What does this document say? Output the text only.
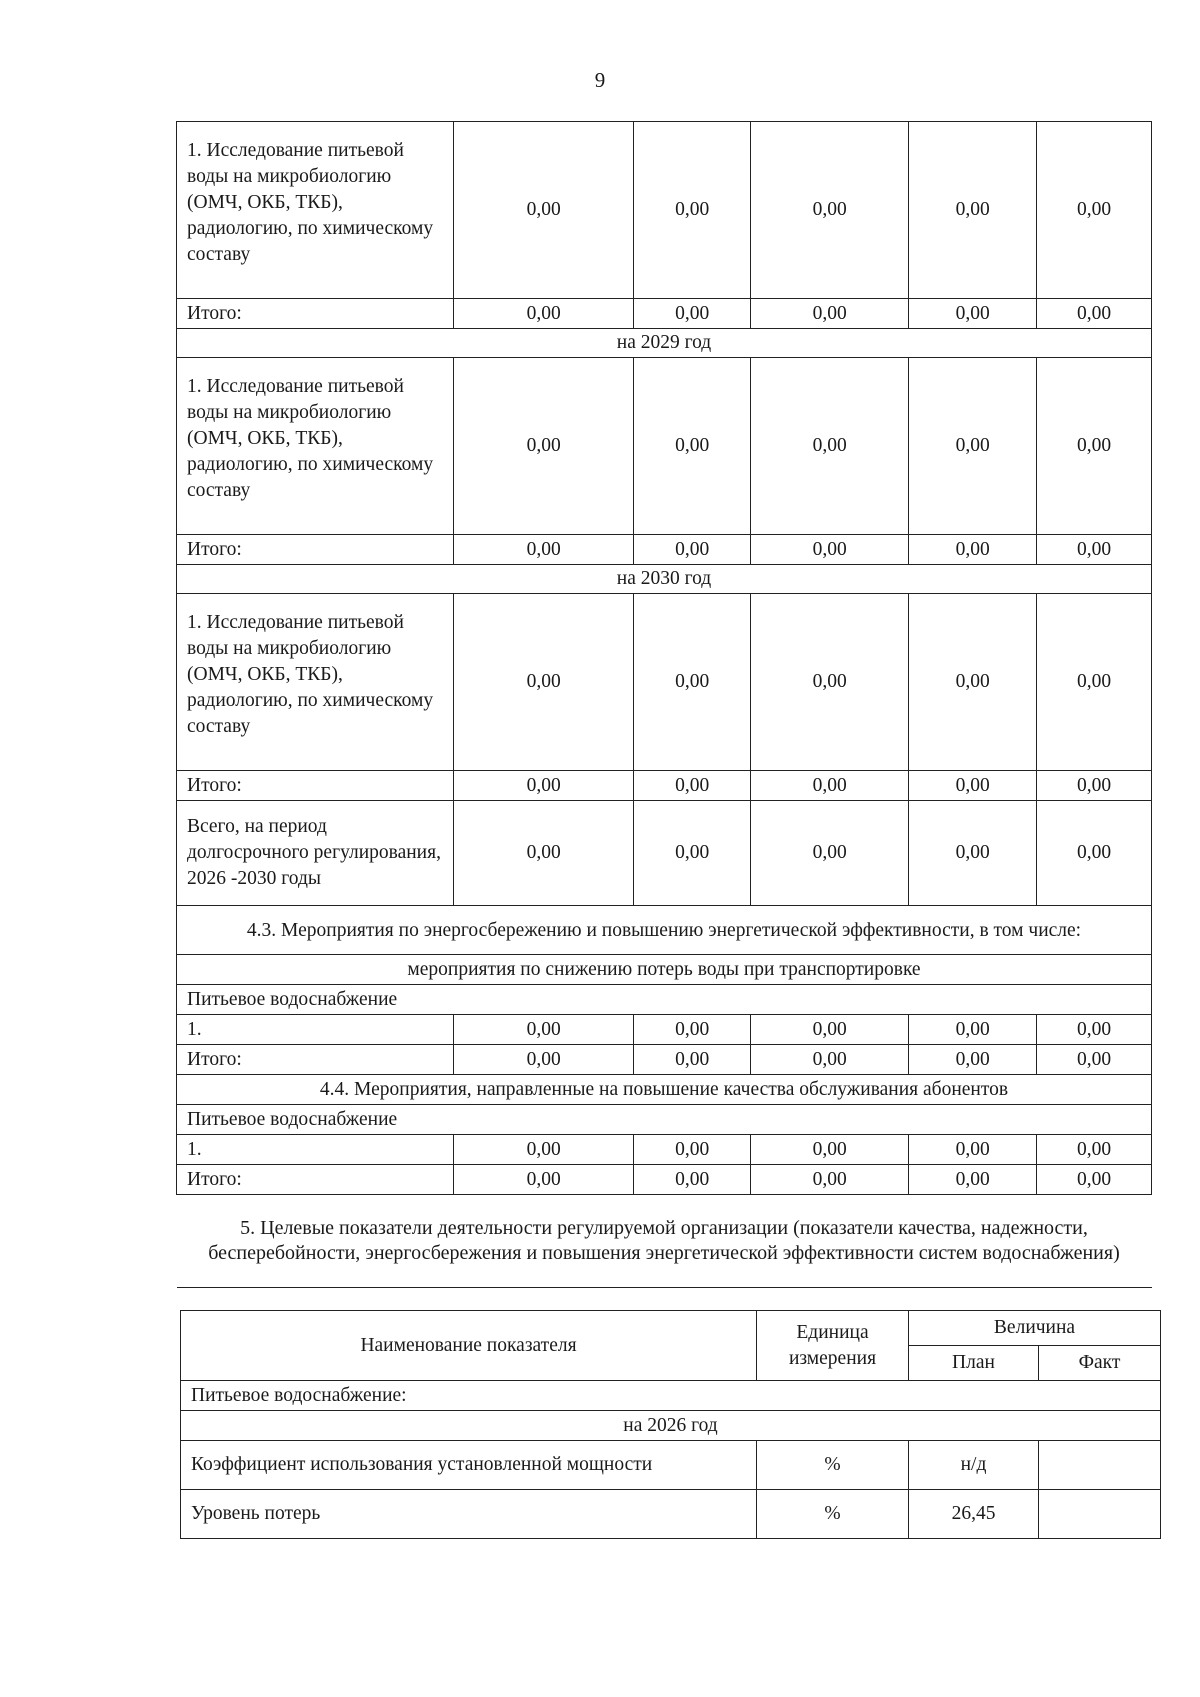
9
1. Исследование питьевой воды на микробиологию (ОМЧ, ОКБ, ТКБ), радиологию, по химическому составу	0,00	0,00	0,00	0,00	0,00
Итого:	0,00	0,00	0,00	0,00	0,00
на 2029 год					
1. Исследование питьевой воды на микробиологию (ОМЧ, ОКБ, ТКБ), радиологию, по химическому составу	0,00	0,00	0,00	0,00	0,00
Итого:	0,00	0,00	0,00	0,00	0,00
на 2030 год					
1. Исследование питьевой воды на микробиологию (ОМЧ, ОКБ, ТКБ), радиологию, по химическому составу	0,00	0,00	0,00	0,00	0,00
Итого:	0,00	0,00	0,00	0,00	0,00
Всего, на период долгосрочного регулирования, 2026 -2030 годы	0,00	0,00	0,00	0,00	0,00
4.3. Мероприятия по энергосбережению и повышению энергетической эффективности, в том числе:					
мероприятия по снижению потерь воды при транспортировке					
Питьевое водоснабжение					
1.	0,00	0,00	0,00	0,00	0,00
Итого:	0,00	0,00	0,00	0,00	0,00
4.4. Мероприятия, направленные на повышение качества обслуживания абонентов					
Питьевое водоснабжение					
1.	0,00	0,00	0,00	0,00	0,00
Итого:	0,00	0,00	0,00	0,00	0,00
5. Целевые показатели деятельности регулируемой организации (показатели качества, надежности, бесперебойности, энергосбережения и повышения энергетической эффективности систем водоснабжения)					
Наименование показателя	Единица измерения	Величина	
		План	Факт
Питьевое водоснабжение:			
на 2026 год			
Коэффициент использования установленной мощности	%	н/д	
Уровень потерь	%	26,45	
